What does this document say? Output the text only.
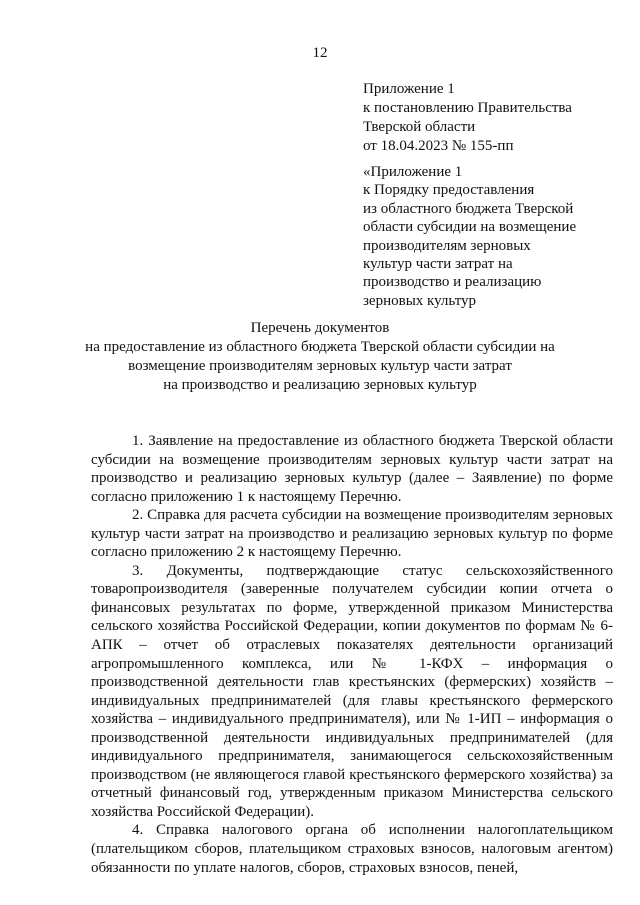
12
Приложение 1
к постановлению Правительства
Тверской области
от 18.04.2023 № 155-пп
«Приложение 1
к Порядку предоставления
из областного бюджета Тверской
области субсидии на возмещение
производителям зерновых
культур части затрат на
производство и реализацию
зерновых культур
Перечень документов
на предоставление из областного бюджета Тверской области субсидии на
возмещение производителям зерновых культур части затрат
на производство и реализацию зерновых культур

1. Заявление на предоставление из областного бюджета Тверской области субсидии на возмещение производителям зерновых культур части затрат на производство и реализацию зерновых культур (далее – Заявление) по форме согласно приложению 1 к настоящему Перечню.

2. Справка для расчета субсидии на возмещение производителям зерновых культур части затрат на производство и реализацию зерновых культур по форме согласно приложению 2 к настоящему Перечню.

3. Документы, подтверждающие статус сельскохозяйственного товаропроизводителя (заверенные получателем субсидии копии отчета о финансовых результатах по форме, утвержденной приказом Министерства сельского хозяйства Российской Федерации, копии документов по формам № 6-АПК – отчет об отраслевых показателях деятельности организаций агропромышленного комплекса, или № 1-КФХ – информация о производственной деятельности глав крестьянских (фермерских) хозяйств – индивидуальных предпринимателей (для главы крестьянского фермерского хозяйства – индивидуального предпринимателя), или № 1-ИП – информация о производственной деятельности индивидуальных предпринимателей (для индивидуального предпринимателя, занимающегося сельскохозяйственным производством (не являющегося главой крестьянского фермерского хозяйства) за отчетный финансовый год, утвержденным приказом Министерства сельского хозяйства Российской Федерации).

4. Справка налогового органа об исполнении налогоплательщиком (плательщиком сборов, плательщиком страховых взносов, налоговым агентом) обязанности по уплате налогов, сборов, страховых взносов, пеней,
